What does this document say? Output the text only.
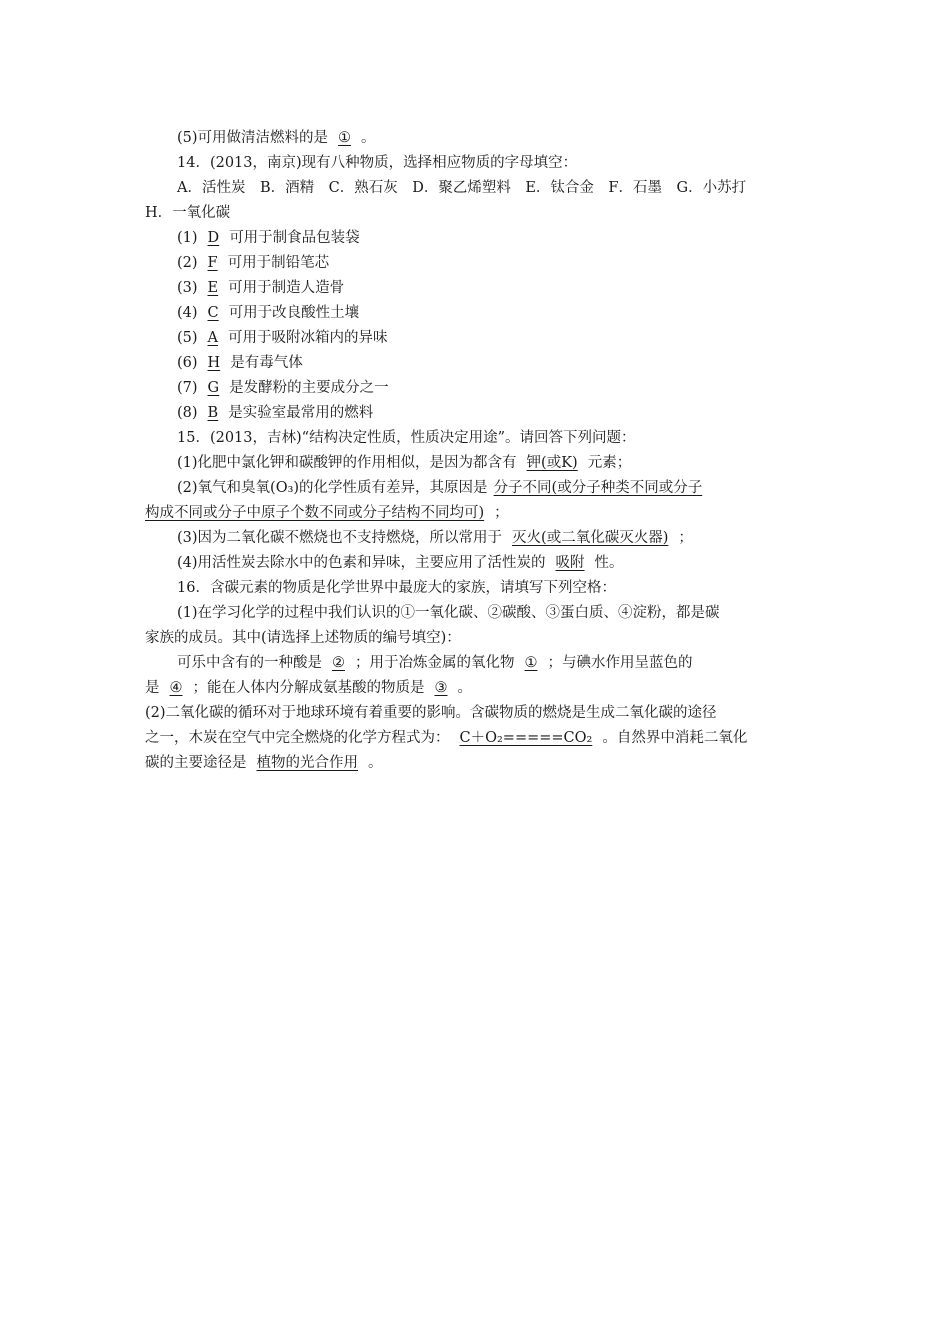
(5)可用做清洁燃料的是 ① 。
14．(2013，南京)现有八种物质，选择相应物质的字母填空：
A．活性炭　B．酒精　C．熟石灰　D．聚乙烯塑料　E．钛合金　F．石墨　G．小苏打
H．一氧化碳
(1) D 可用于制食品包装袋
(2) F 可用于制铅笔芯
(3) E 可用于制造人造骨
(4) C 可用于改良酸性土壤
(5) A 可用于吸附冰箱内的异味
(6) H 是有毒气体
(7) G 是发酵粉的主要成分之一
(8) B 是实验室最常用的燃料
15．(2013，吉林)“结构决定性质，性质决定用途”。请回答下列问题：
(1)化肥中氯化钾和碳酸钾的作用相似，是因为都含有 钾(或K) 元素；
(2)氧气和臭氧(O₃)的化学性质有差异，其原因是 分子不同(或分子种类不同或分子
构成不同或分子中原子个数不同或分子结构不同均可) ；
(3)因为二氧化碳不燃烧也不支持燃烧，所以常用于 灭火(或二氧化碳灭火器) ；
(4)用活性炭去除水中的色素和异味，主要应用了活性炭的 吸附 性。
16．含碳元素的物质是化学世界中最庞大的家族，请填写下列空格：
(1)在学习化学的过程中我们认识的①一氧化碳、②碳酸、③蛋白质、④淀粉，都是碳
家族的成员。其中(请选择上述物质的编号填空)：
可乐中含有的一种酸是 ② ；用于冶炼金属的氧化物 ① ；与碘水作用呈蓝色的
是 ④ ；能在人体内分解成氨基酸的物质是 ③ 。
(2)二氧化碳的循环对于地球环境有着重要的影响。含碳物质的燃烧是生成二氧化碳的途径
之一，木炭在空气中完全燃烧的化学方程式为： C＋O₂=====CO₂ 。自然界中消耗二氧化
碳的主要途径是 植物的光合作用 。
